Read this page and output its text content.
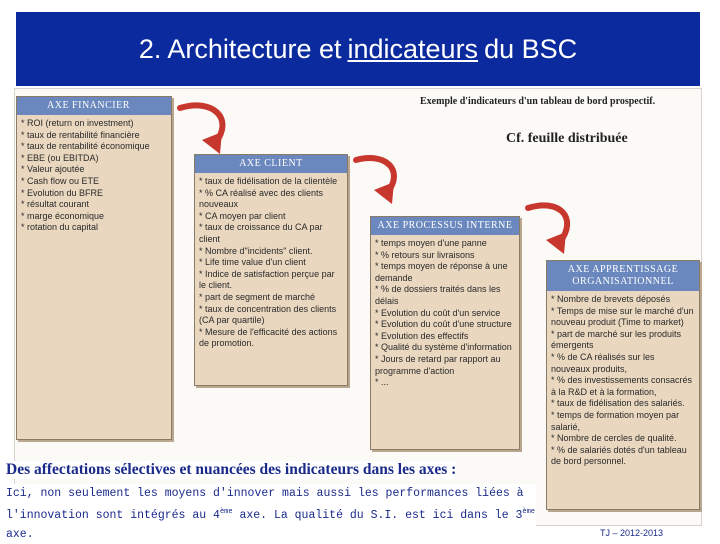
2. Architecture et indicateurs du BSC
Exemple d'indicateurs d'un tableau de bord prospectif.
Cf. feuille distribuée
AXE FINANCIER
* ROI (return on investment)
* taux de rentabilité financière
* taux de rentabilité économique
* EBE (ou EBITDA)
* Valeur ajoutée
* Cash flow ou ETE
* Evolution du BFRE
* résultat courant
* marge économique
* rotation du capital
AXE CLIENT
* taux de fidélisation de la clientèle
* % CA réalisé avec des clients nouveaux
* CA moyen par client
* taux de croissance du CA par client
* Nombre d"incidents" client.
* Life time value d'un client
* Indice de satisfaction perçue par le client.
* part de segment de marché
* taux de concentration des clients (CA par quartile)
* Mesure de l'efficacité des actions de promotion.
AXE PROCESSUS INTERNE
* temps moyen d'une panne
* % retours sur livraisons
* temps moyen de réponse à une demande
* % de dossiers traités dans les délais
* Evolution du coût d'un service
* Evolution du coût d'une structure
* Evolution des effectifs
* Qualité du système d'information
* Jours de retard par rapport au programme d'action
* ...
AXE APPRENTISSAGE ORGANISATIONNEL
* Nombre de brevets déposés
* Temps de mise sur le marché d'un nouveau produit (Time to market)
* part de marché sur les produits émergents
* % de CA réalisés sur les nouveaux produits,
* % des investissements consacrés à la R&D et à la formation,
* taux de fidélisation des salariés.
* temps de formation moyen par salarié,
* Nombre de cercles de qualité.
* % de salariés dotés d'un tableau de bord personnel.
Des affectations sélectives et nuancées des indicateurs dans les axes :
Ici, non seulement les moyens d'innover mais aussi les performances liées à
l'innovation sont intégrés au 4ème axe. La qualité du S.I. est ici dans le 3ème axe.	TJ – 2012-2013
